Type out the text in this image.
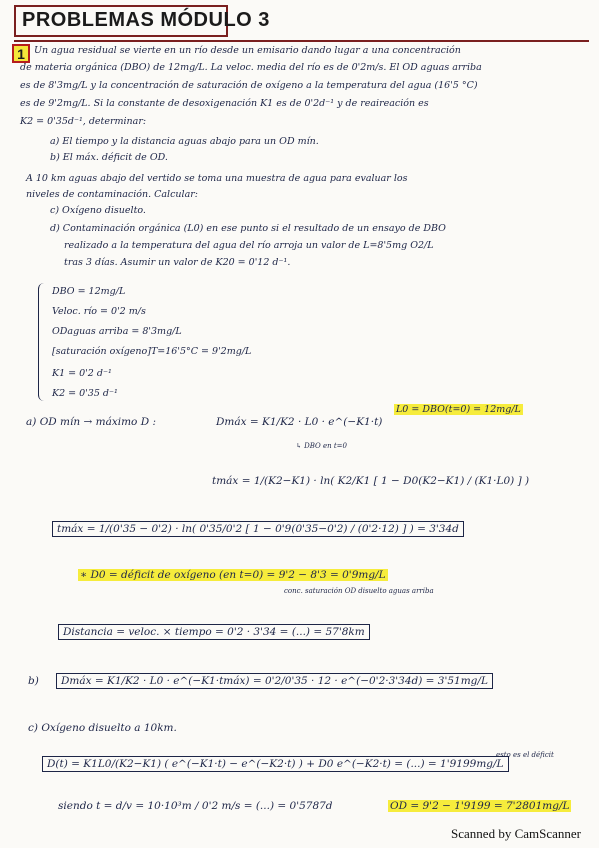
PROBLEMAS MÓDULO 3
1 Un agua residual se vierte en un río desde un emisario dando lugar a una concentración
de materia orgánica (DBO) de 12mg/L. La veloc. media del río es de 0'2m/s. El OD aguas arriba
es de 8'3mg/L y la concentración de saturación de oxígeno a la temperatura del agua (16'5 °C)
es de 9'2mg/L. Si la constante de desoxigenación K1 es de 0'2d⁻¹ y de reaireación es
K2 = 0'35d⁻¹, determinar:
a) El tiempo y la distancia aguas abajo para un OD mín.
b) El máx. déficit de OD.
A 10 km aguas abajo del vertido se toma una muestra de agua para evaluar los
niveles de contaminación. Calcular:
c) Oxígeno disuelto.
d) Contaminación orgánica (L0) en ese punto si el resultado de un ensayo de DBO
realizado a la temperatura del agua del río arroja un valor de L=8'5mg O2/L
tras 3 días. Asumir un valor de K20 = 0'12 d⁻¹.
DBO = 12mg/L
Veloc. río = 0'2 m/s
ODaguas arriba = 8'3mg/L
[saturación oxígeno]T=16'5°C = 9'2mg/L
K1 = 0'2 d⁻¹
K2 = 0'35 d⁻¹
a) OD mín → máximo D :	Dmáx = K1/K2 · L0 · e^(−K1·t)
L0 = DBO(t=0) = 12mg/L
↳ DBO en t=0
tmáx = 1/(K2−K1) · ln( K2/K1 [ 1 − D0(K2−K1) / (K1·L0) ] )
tmáx = 1/(0'35 − 0'2) · ln( 0'35/0'2 [ 1 − 0'9(0'35−0'2) / (0'2·12) ] ) = 3'34d
∗ D0 = déficit de oxígeno (en t=0) = 9'2 − 8'3 = 0'9mg/L
conc. saturación OD disuelto aguas arriba
Distancia = veloc. × tiempo = 0'2 · 3'34 = (...) = 57'8km
b)	Dmáx = K1/K2 · L0 · e^(−K1·tmáx) = 0'2/0'35 · 12 · e^(−0'2·3'34d) = 3'51mg/L
c) Oxígeno disuelto a 10km.
D(t) = K1L0/(K2−K1) ( e^(−K1·t) − e^(−K2·t) ) + D0 e^(−K2·t) = (...) = 1'9199mg/L
esto es el déficit
siendo t = d/v = 10·10³m / 0'2 m/s = (...) = 0'5787d	OD = 9'2 − 1'9199 = 7'2801mg/L
Scanned by CamScanner
